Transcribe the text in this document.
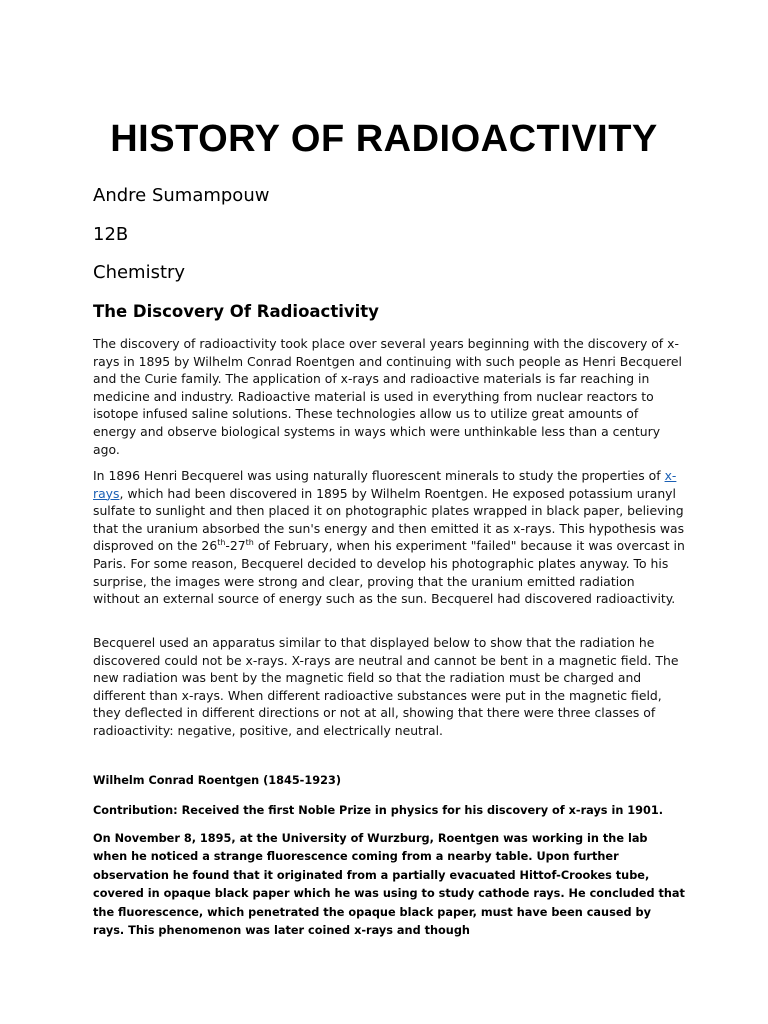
HISTORY OF RADIOACTIVITY
Andre Sumampouw
12B
Chemistry
The Discovery Of Radioactivity

The discovery of radioactivity took place over several years beginning with the discovery of x-rays in 1895 by Wilhelm Conrad Roentgen and continuing with such people as Henri Becquerel and the Curie family. The application of x-rays and radioactive materials is far reaching in medicine and industry. Radioactive material is used in everything from nuclear reactors to isotope infused saline solutions. These technologies allow us to utilize great amounts of energy and observe biological systems in ways which were unthinkable less than a century ago.

In 1896 Henri Becquerel was using naturally fluorescent minerals to study the properties of x-rays, which had been discovered in 1895 by Wilhelm Roentgen. He exposed potassium uranyl sulfate to sunlight and then placed it on photographic plates wrapped in black paper, believing that the uranium absorbed the sun's energy and then emitted it as x-rays. This hypothesis was disproved on the 26th-27th of February, when his experiment "failed" because it was overcast in Paris. For some reason, Becquerel decided to develop his photographic plates anyway. To his surprise, the images were strong and clear, proving that the uranium emitted radiation without an external source of energy such as the sun. Becquerel had discovered radioactivity.

Becquerel used an apparatus similar to that displayed below to show that the radiation he discovered could not be x-rays. X-rays are neutral and cannot be bent in a magnetic field. The new radiation was bent by the magnetic field so that the radiation must be charged and different than x-rays. When different radioactive substances were put in the magnetic field, they deflected in different directions or not at all, showing that there were three classes of radioactivity: negative, positive, and electrically neutral.

Wilhelm Conrad Roentgen (1845-1923)
Contribution: Received the first Noble Prize in physics for his discovery of x-rays in 1901.
On November 8, 1895, at the University of Wurzburg, Roentgen was working in the lab when he noticed a strange fluorescence coming from a nearby table. Upon further observation he found that it originated from a partially evacuated Hittof-Crookes tube, covered in opaque black paper which he was using to study cathode rays. He concluded that the fluorescence, which penetrated the opaque black paper, must have been caused by rays. This phenomenon was later coined x-rays and though
